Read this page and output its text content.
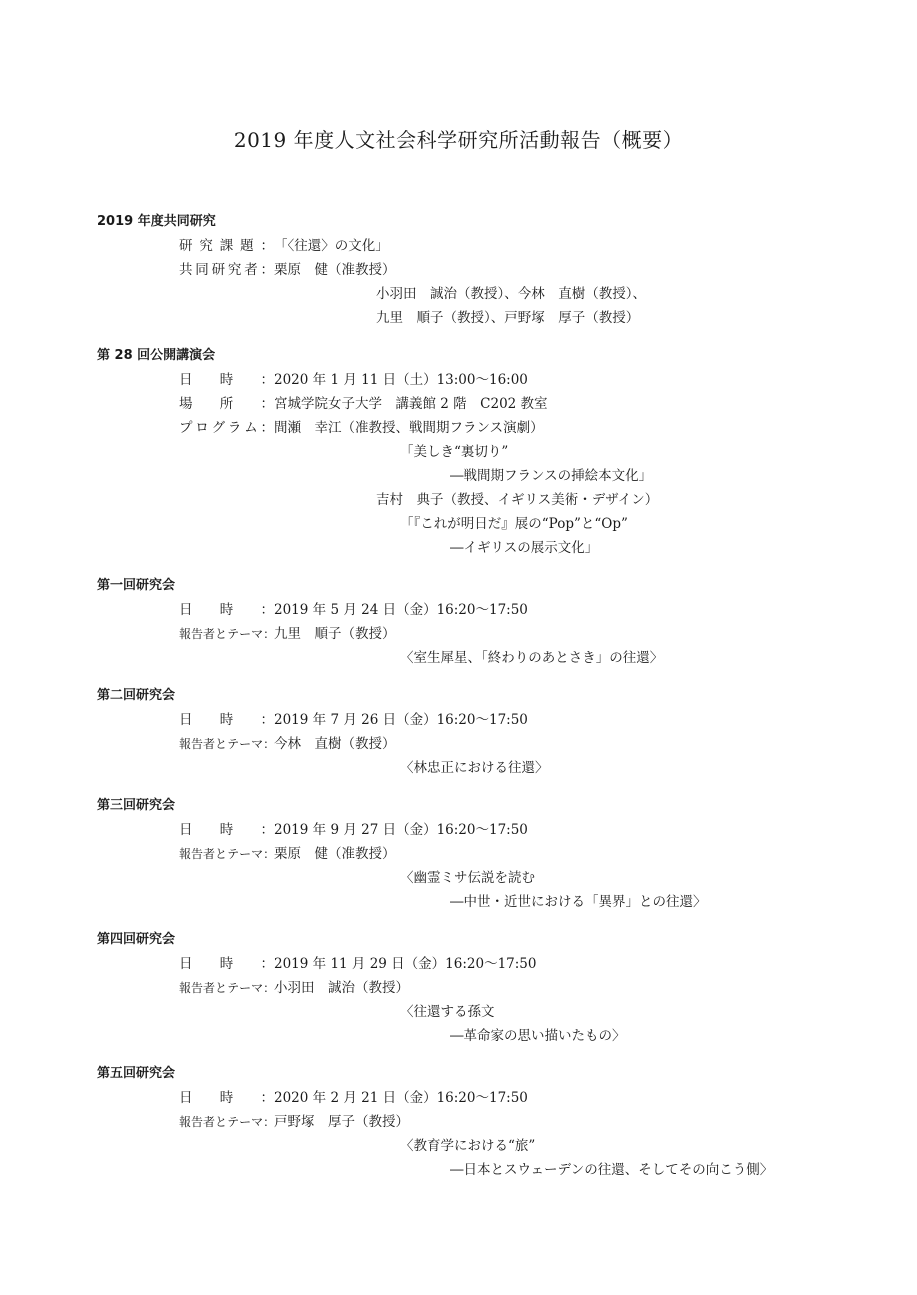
2019 年度人文社会科学研究所活動報告（概要）
2019 年度共同研究
研 究 課 題 ： 「〈往還〉の文化」
共 同 研 究 者 ： 栗原　健（准教授）
小羽田　誠治（教授）、今林　直樹（教授）、
九里　順子（教授）、戸野塚　厚子（教授）
第 28 回公開講演会
日 時 ： 2020 年 1 月 11 日（土）13:00〜16:00
場 所 ： 宮城学院女子大学　講義館 2 階　C202 教室
プ ロ グ ラ ム ： 間瀬　幸江（准教授、戦間期フランス演劇）
「美しき“裏切り”
―戦間期フランスの挿絵本文化」
吉村　典子（教授、イギリス美術・デザイン）
「『これが明日だ』展の“Pop”と“Op”
―イギリスの展示文化」
第一回研究会
日 時 ： 2019 年 5 月 24 日（金）16:20〜17:50
報 告 者 と テ ー マ ：
九里　順子（教授）
〈室生犀星、「終わりのあとさき」の往還〉
第二回研究会
日 時 ： 2019 年 7 月 26 日（金）16:20〜17:50
報 告 者 と テ ー マ ：
今林　直樹（教授）
〈林忠正における往還〉
第三回研究会
日 時 ： 2019 年 9 月 27 日（金）16:20〜17:50
報 告 者 と テ ー マ ：
栗原　健（准教授）
〈幽霊ミサ伝説を読む
―中世・近世における「異界」との往還〉
第四回研究会
日 時 ： 2019 年 11 月 29 日（金）16:20〜17:50
報 告 者 と テ ー マ ：
小羽田　誠治（教授）
〈往還する孫文
―革命家の思い描いたもの〉
第五回研究会
日 時 ： 2020 年 2 月 21 日（金）16:20〜17:50
報 告 者 と テ ー マ ：
戸野塚　厚子（教授）
〈教育学における“旅”
―日本とスウェーデンの往還、そしてその向こう側〉
